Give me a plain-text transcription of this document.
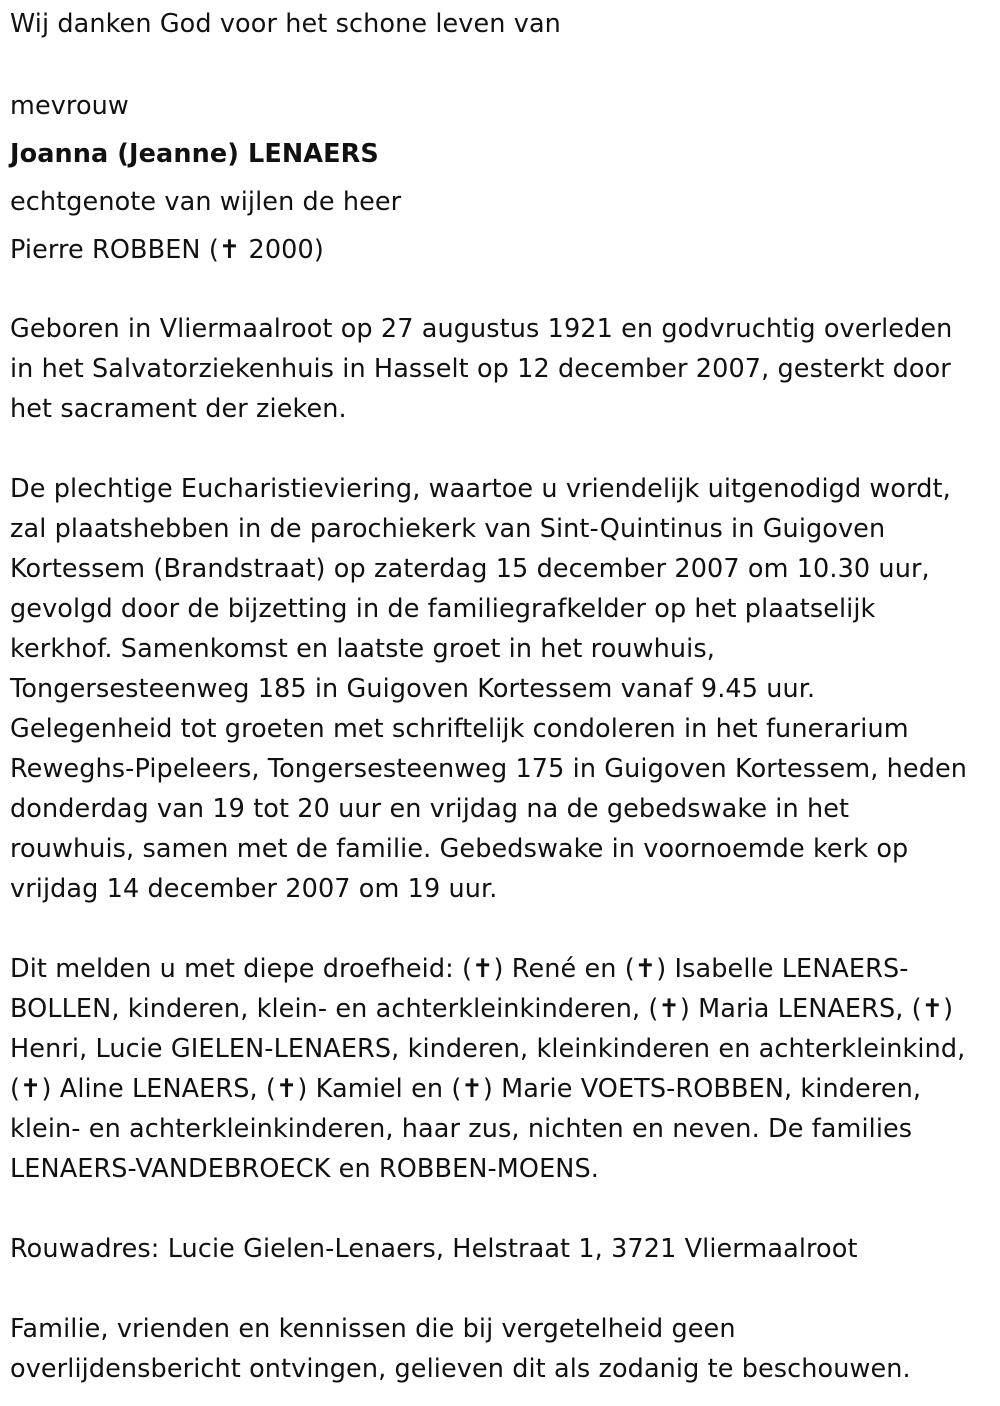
Wij danken God voor het schone leven van

mevrouw

Joanna (Jeanne) LENAERS

echtgenote van wijlen de heer

Pierre ROBBEN (✝ 2000)

Geboren in Vliermaalroot op 27 augustus 1921 en godvruchtig overleden
in het Salvatorziekenhuis in Hasselt op 12 december 2007, gesterkt door
het sacrament der zieken.
De plechtige Eucharistieviering, waartoe u vriendelijk uitgenodigd wordt,
zal plaatshebben in de parochiekerk van Sint-Quintinus in Guigoven
Kortessem (Brandstraat) op zaterdag 15 december 2007 om 10.30 uur,
gevolgd door de bijzetting in de familiegrafkelder op het plaatselijk
kerkhof. Samenkomst en laatste groet in het rouwhuis,
Tongersesteenweg 185 in Guigoven Kortessem vanaf 9.45 uur.
Gelegenheid tot groeten met schriftelijk condoleren in het funerarium
Reweghs-Pipeleers, Tongersesteenweg 175 in Guigoven Kortessem, heden
donderdag van 19 tot 20 uur en vrijdag na de gebedswake in het
rouwhuis, samen met de familie. Gebedswake in voornoemde kerk op
vrijdag 14 december 2007 om 19 uur.
Dit melden u met diepe droefheid: (✝) René en (✝) Isabelle LENAERS-
BOLLEN, kinderen, klein- en achterkleinkinderen, (✝) Maria LENAERS, (✝)
Henri, Lucie GIELEN-LENAERS, kinderen, kleinkinderen en achterkleinkind,
(✝) Aline LENAERS, (✝) Kamiel en (✝) Marie VOETS-ROBBEN, kinderen,
klein- en achterkleinkinderen, haar zus, nichten en neven. De families
LENAERS-VANDEBROECK en ROBBEN-MOENS.
Rouwadres: Lucie Gielen-Lenaers, Helstraat 1, 3721 Vliermaalroot
Familie, vrienden en kennissen die bij vergetelheid geen
overlijdensbericht ontvingen, gelieven dit als zodanig te beschouwen.
